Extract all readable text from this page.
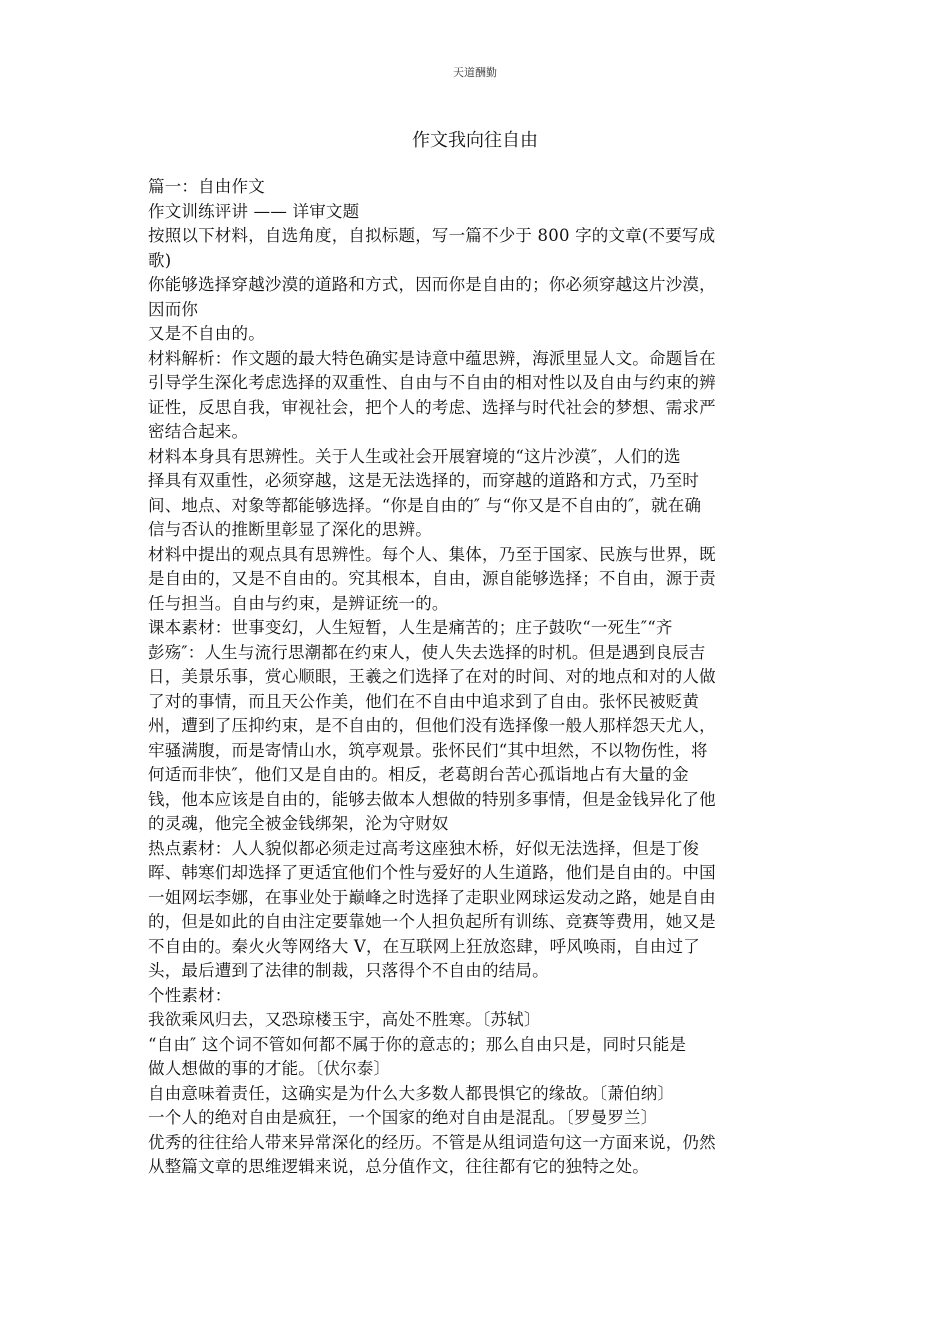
天道酬勤
作文我向往自由
篇一：自由作文
作文训练评讲 —— 详审文题
按照以下材料，自选角度，自拟标题，写一篇不少于 800 字的文章(不要写成
歌)
你能够选择穿越沙漠的道路和方式，因而你是自由的；你必须穿越这片沙漠，
因而你
又是不自由的。
材料解析：作文题的最大特色确实是诗意中蕴思辨，海派里显人文。命题旨在
引导学生深化考虑选择的双重性、自由与不自由的相对性以及自由与约束的辨
证性，反思自我，审视社会，把个人的考虑、选择与时代社会的梦想、需求严
密结合起来。
材料本身具有思辨性。关于人生或社会开展窘境的“这片沙漠″，人们的选
择具有双重性，必须穿越，这是无法选择的，而穿越的道路和方式，乃至时
间、地点、对象等都能够选择。“你是自由的″ 与“你又是不自由的″，就在确
信与否认的推断里彰显了深化的思辨。
材料中提出的观点具有思辨性。每个人、集体，乃至于国家、民族与世界，既
是自由的，又是不自由的。究其根本，自由，源自能够选择；不自由，源于责
任与担当。自由与约束，是辨证统一的。
课本素材：世事变幻，人生短暂，人生是痛苦的；庄子鼓吹“一死生″“齐
彭殇″：人生与流行思潮都在约束人，使人失去选择的时机。但是遇到良辰吉
日，美景乐事，赏心顺眼，王羲之们选择了在对的时间、对的地点和对的人做
了对的事情，而且天公作美，他们在不自由中追求到了自由。张怀民被贬黄
州，遭到了压抑约束，是不自由的，但他们没有选择像一般人那样怨天尤人，
牢骚满腹，而是寄情山水，筑亭观景。张怀民们“其中坦然，不以物伤性，将
何适而非快″，他们又是自由的。相反，老葛朗台苦心孤诣地占有大量的金
钱，他本应该是自由的，能够去做本人想做的特别多事情，但是金钱异化了他
的灵魂，他完全被金钱绑架，沦为守财奴
热点素材：人人貌似都必须走过高考这座独木桥，好似无法选择，但是丁俊
晖、韩寒们却选择了更适宜他们个性与爱好的人生道路，他们是自由的。中国
一姐网坛李娜，在事业处于巅峰之时选择了走职业网球运发动之路，她是自由
的，但是如此的自由注定要靠她一个人担负起所有训练、竞赛等费用，她又是
不自由的。秦火火等网络大 V，在互联网上狂放恣肆，呼风唤雨，自由过了
头，最后遭到了法律的制裁，只落得个不自由的结局。
个性素材：
我欲乘风归去，又恐琼楼玉宇，高处不胜寒。〔苏轼〕
“自由″ 这个词不管如何都不属于你的意志的；那么自由只是，同时只能是
做人想做的事的才能。〔伏尔泰〕
自由意味着责任，这确实是为什么大多数人都畏惧它的缘故。〔萧伯纳〕
一个人的绝对自由是疯狂，一个国家的绝对自由是混乱。〔罗曼罗兰〕
优秀的往往给人带来异常深化的经历。不管是从组词造句这一方面来说，仍然
从整篇文章的思维逻辑来说，总分值作文，往往都有它的独特之处。
